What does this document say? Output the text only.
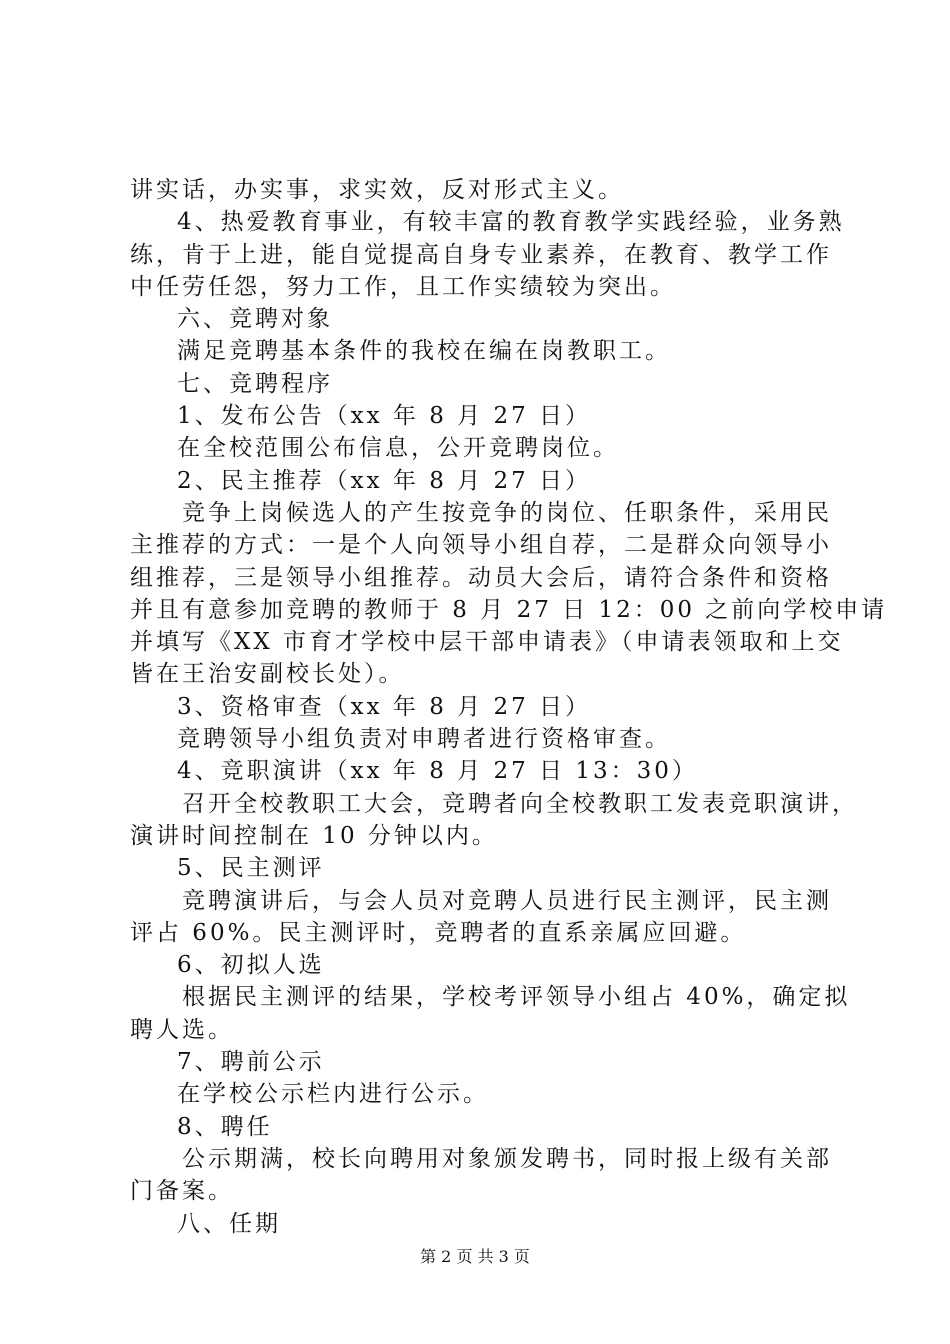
讲实话，办实事，求实效，反对形式主义。
4、热爱教育事业，有较丰富的教育教学实践经验，业务熟
练，肯于上进，能自觉提高自身专业素养，在教育、教学工作
中任劳任怨，努力工作，且工作实绩较为突出。
六、竞聘对象
满足竞聘基本条件的我校在编在岗教职工。
七、竞聘程序
1、发布公告（xx 年 8 月 27 日）
在全校范围公布信息，公开竞聘岗位。
2、民主推荐（xx 年 8 月 27 日）
竞争上岗候选人的产生按竞争的岗位、任职条件，采用民
主推荐的方式：一是个人向领导小组自荐，二是群众向领导小
组推荐，三是领导小组推荐。动员大会后，请符合条件和资格
并且有意参加竞聘的教师于 8 月 27 日 12：00 之前向学校申请
并填写《XX 市育才学校中层干部申请表》（申请表领取和上交
皆在王治安副校长处）。
3、资格审查（xx 年 8 月 27 日）
竞聘领导小组负责对申聘者进行资格审查。
4、竞职演讲（xx 年 8 月 27 日 13：30）
召开全校教职工大会，竞聘者向全校教职工发表竞职演讲，
演讲时间控制在 10 分钟以内。
5、民主测评
竞聘演讲后，与会人员对竞聘人员进行民主测评，民主测
评占 60%。民主测评时，竞聘者的直系亲属应回避。
6、初拟人选
根据民主测评的结果，学校考评领导小组占 40%，确定拟
聘人选。
7、聘前公示
在学校公示栏内进行公示。
8、聘任
公示期满，校长向聘用对象颁发聘书，同时报上级有关部
门备案。
八、任期
第 2 页 共 3 页
